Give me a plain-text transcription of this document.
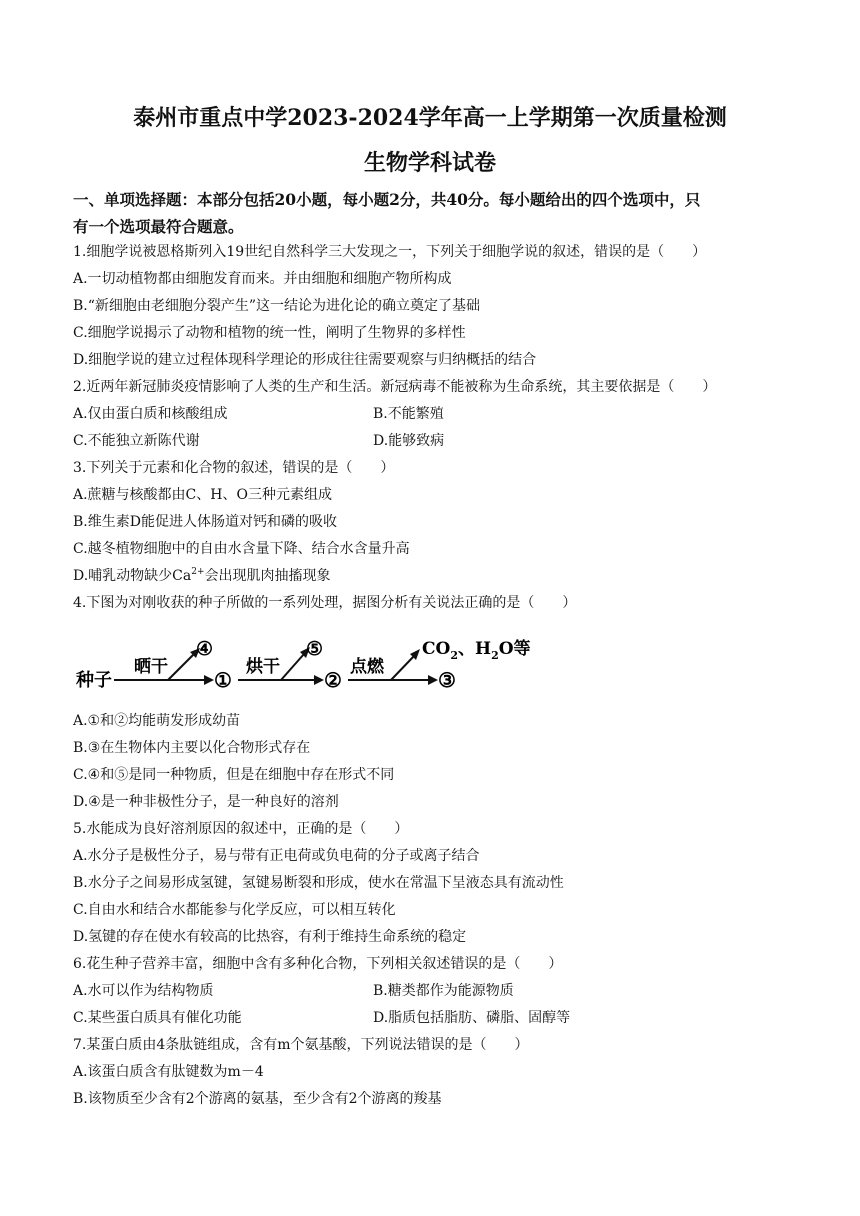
泰州市重点中学2023-2024学年高一上学期第一次质量检测
生物学科试卷
一、单项选择题：本部分包括20小题，每小题2分，共40分。每小题给出的四个选项中，只
有一个选项最符合题意。
1.细胞学说被恩格斯列入19世纪自然科学三大发现之一，下列关于细胞学说的叙述，错误的是（　　）
A.一切动植物都由细胞发育而来。并由细胞和细胞产物所构成
B.“新细胞由老细胞分裂产生”这一结论为进化论的确立奠定了基础
C.细胞学说揭示了动物和植物的统一性，阐明了生物界的多样性
D.细胞学说的建立过程体现科学理论的形成往往需要观察与归纳概括的结合
2.近两年新冠肺炎疫情影响了人类的生产和生活。新冠病毒不能被称为生命系统，其主要依据是（　　）
A.仅由蛋白质和核酸组成	B.不能繁殖
C.不能独立新陈代谢	D.能够致病
3.下列关于元素和化合物的叙述，错误的是（　　）
A.蔗糖与核酸都由C、H、O三种元素组成
B.维生素D能促进人体肠道对钙和磷的吸收
C.越冬植物细胞中的自由水含量下降、结合水含量升高
D.哺乳动物缺少$Ca^{2+}$会出现肌肉抽搐现象
4.下图为对刚收获的种子所做的一系列处理，据图分析有关说法正确的是（　　）
种子
晒干
④
①
烘干
⑤
②
点燃
③
$CO_2$、$H_2O$等
A.①和②均能萌发形成幼苗
B.③在生物体内主要以化合物形式存在
C.④和⑤是同一种物质，但是在细胞中存在形式不同
D.④是一种非极性分子，是一种良好的溶剂
5.水能成为良好溶剂原因的叙述中，正确的是（　　）
A.水分子是极性分子，易与带有正电荷或负电荷的分子或离子结合
B.水分子之间易形成氢键，氢键易断裂和形成，使水在常温下呈液态具有流动性
C.自由水和结合水都能参与化学反应，可以相互转化
D.氢键的存在使水有较高的比热容，有利于维持生命系统的稳定
6.花生种子营养丰富，细胞中含有多种化合物，下列相关叙述错误的是（　　）
A.水可以作为结构物质	B.糖类都作为能源物质
C.某些蛋白质具有催化功能	D.脂质包括脂肪、磷脂、固醇等
7.某蛋白质由4条肽链组成，含有m个氨基酸，下列说法错误的是（　　）
A.该蛋白质含有肽键数为m－4
B.该物质至少含有2个游离的氨基，至少含有2个游离的羧基
